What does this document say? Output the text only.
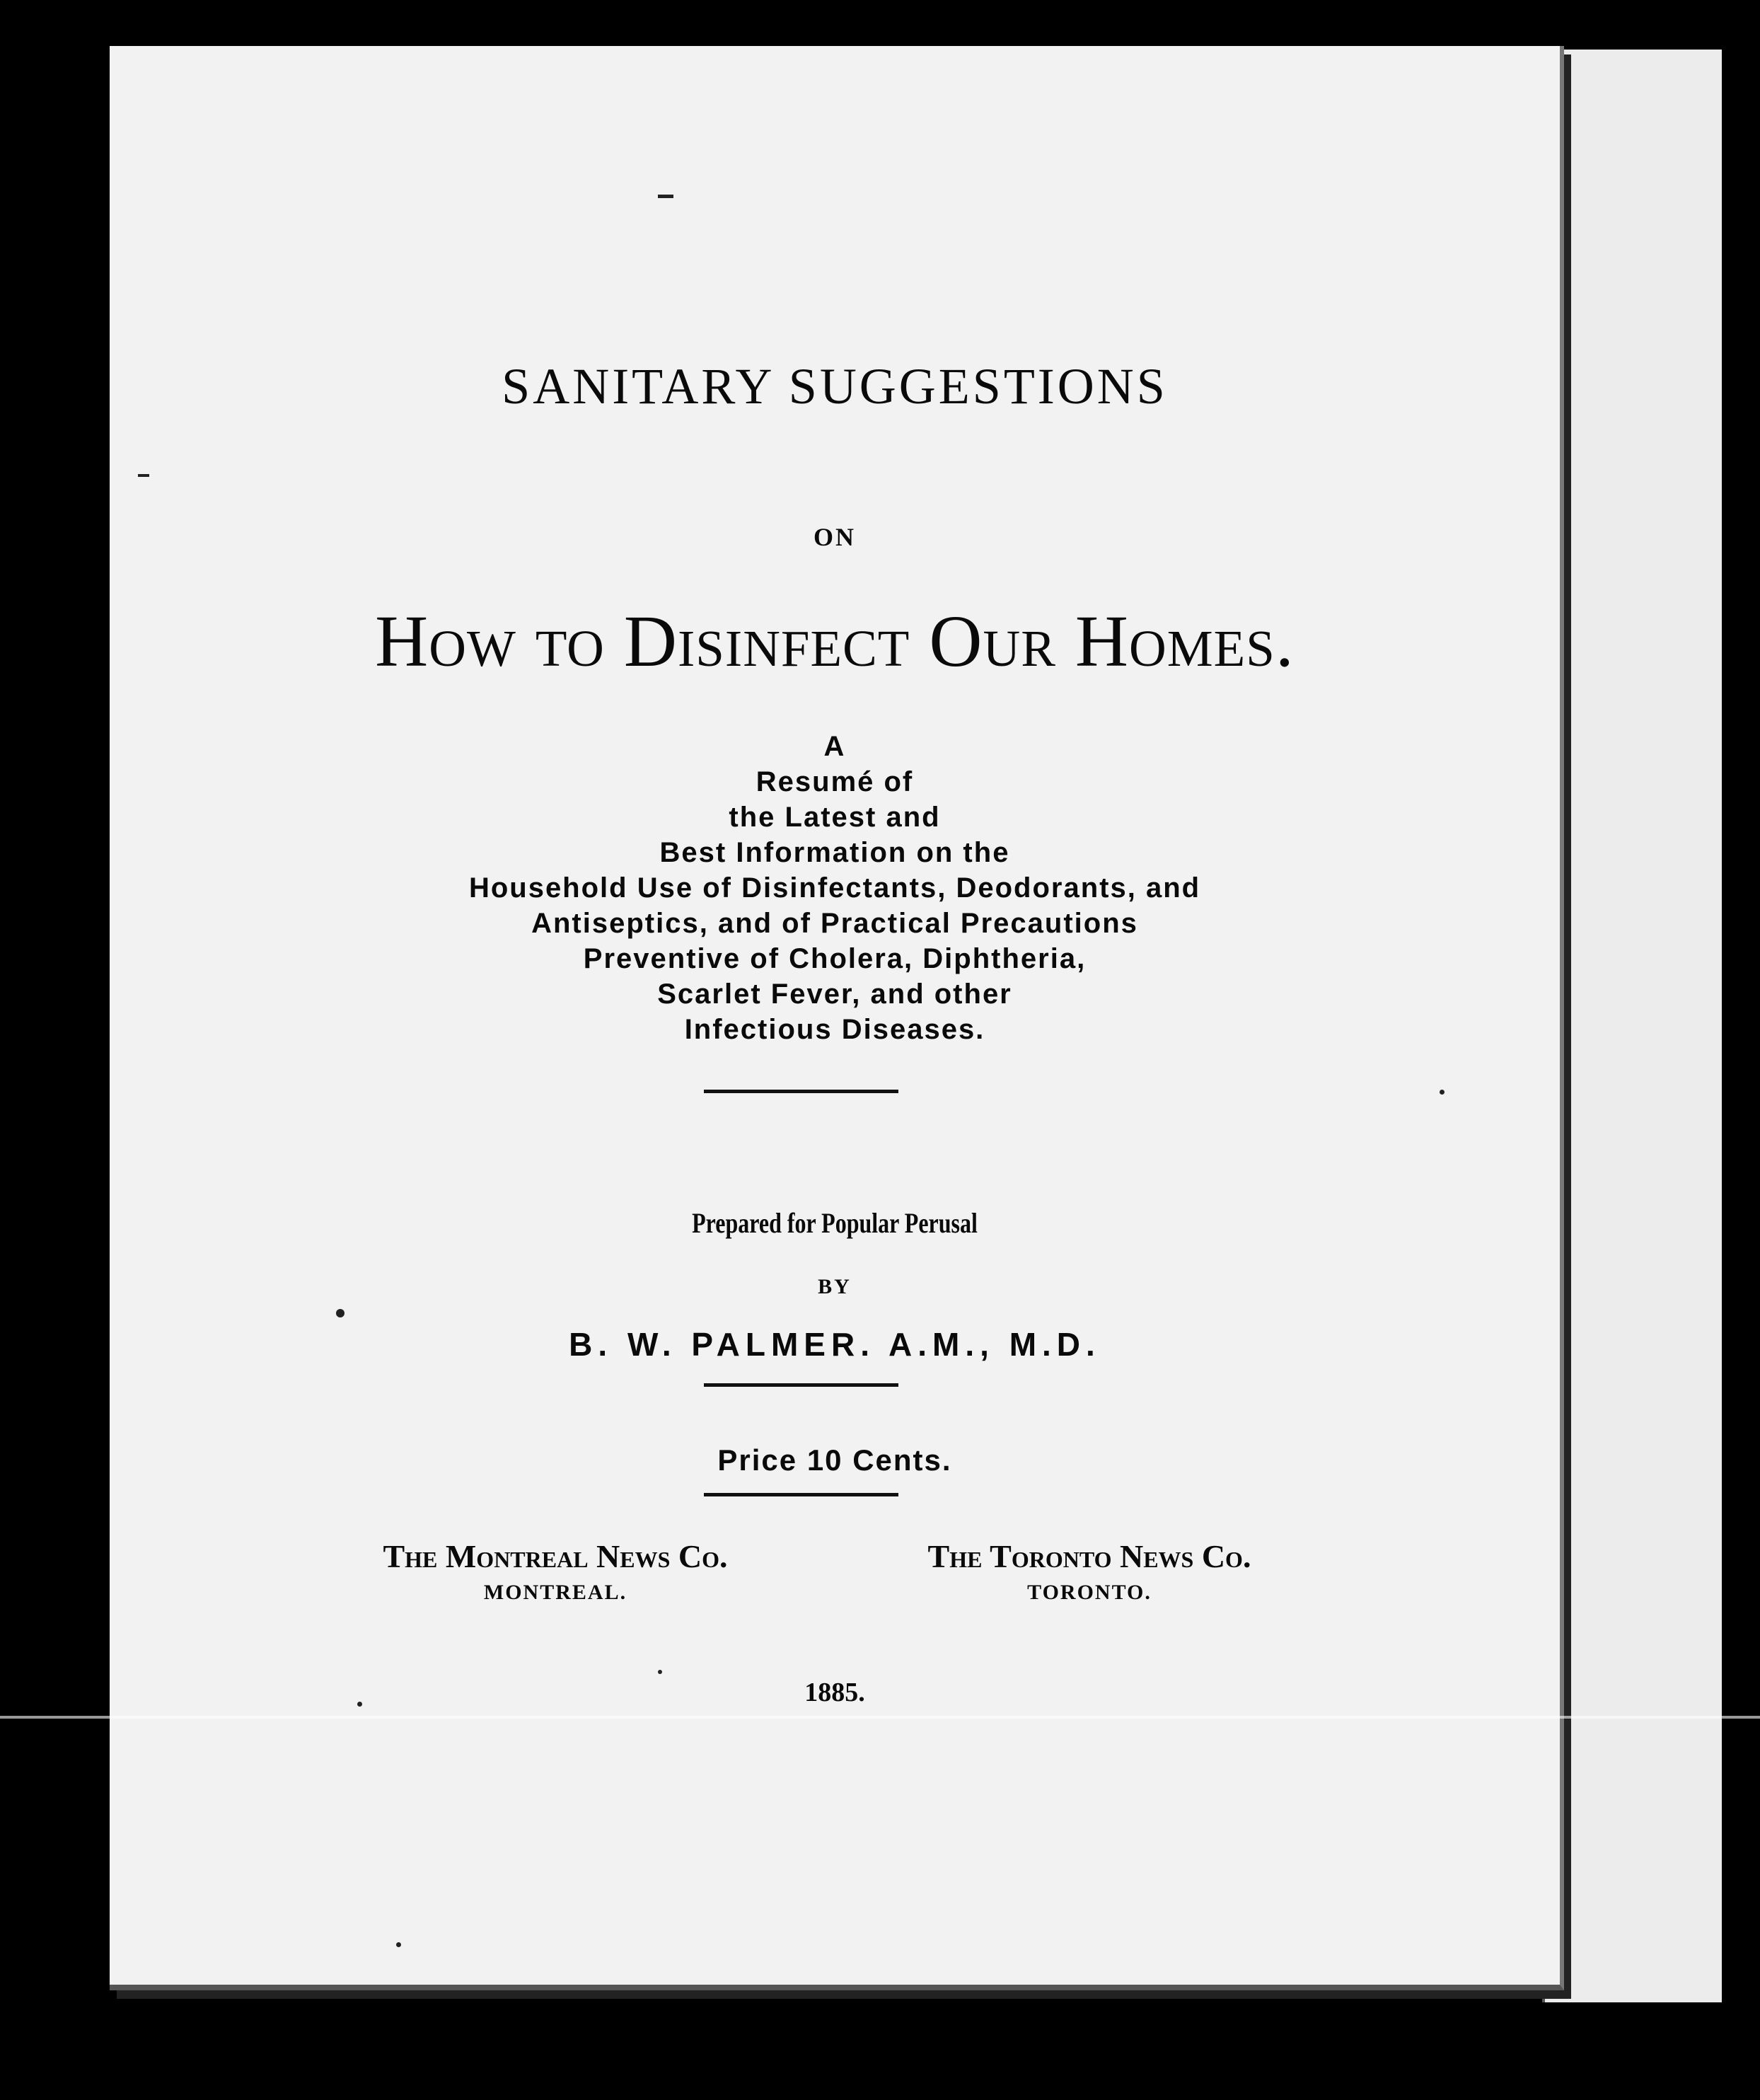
SANITARY SUGGESTIONS
ON
How to Disinfect Our Homes.
A
Resumé of
the Latest and
Best Information on the
Household Use of Disinfectants, Deodorants, and
Antiseptics, and of Practical Precautions
Preventive of Cholera, Diphtheria,
Scarlet Fever, and other
Infectious Diseases.
Prepared for Popular Perusal
BY
B. W. PALMER. A.M., M.D.
Price 10 Cents.
The Montreal News Co.
MONTREAL.
The Toronto News Co.
TORONTO.
1885.
